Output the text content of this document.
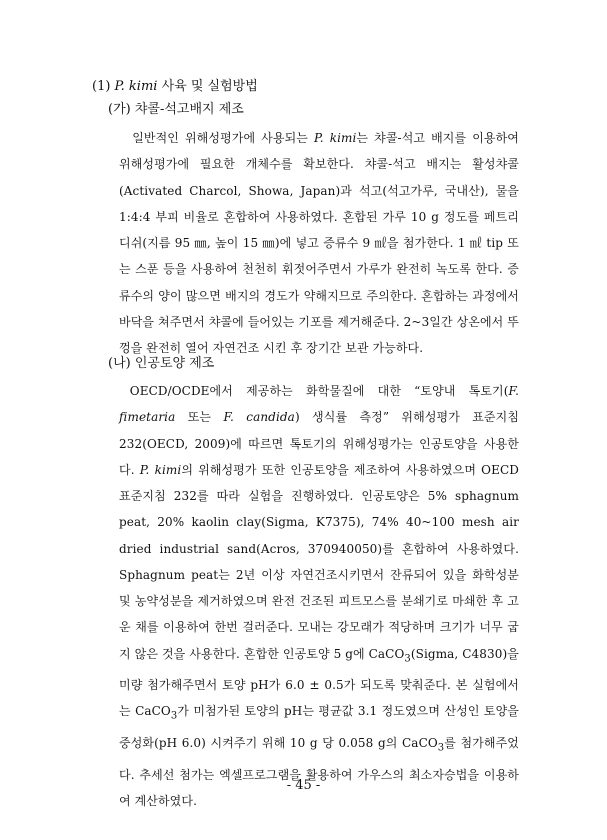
(1) P. kimi 사육 및 실험방법
(가) 챠콜-석고배지 제조
일반적인 위해성평가에 사용되는 P. kimi는 챠콜-석고 배지를 이용하여 위해성평가에 필요한 개체수를 확보한다. 챠콜-석고 배지는 활성챠콜(Activated Charcol, Showa, Japan)과 석고(석고가루, 국내산), 물을 1:4:4 부피 비율로 혼합하여 사용하였다. 혼합된 가루 10 g 정도를 페트리디쉬(지름 95 ㎜, 높이 15 ㎜)에 넣고 증류수 9 ㎖을 첨가한다. 1 ㎖ tip 또는 스푼 등을 사용하여 천천히 휘젓어주면서 가루가 완전히 녹도록 한다. 증류수의 양이 많으면 배지의 경도가 약해지므로 주의한다. 혼합하는 과정에서 바닥을 쳐주면서 챠콜에 들어있는 기포를 제거해준다. 2~3일간 상온에서 뚜껑을 완전히 열어 자연건조 시킨 후 장기간 보관 가능하다.
(나) 인공토양 제조
OECD/OCDE에서 제공하는 화학물질에 대한 “토양내 톡토기(F. fimetaria 또는 F. candida) 생식률 측정” 위해성평가 표준지침 232(OECD, 2009)에 따르면 톡토기의 위해성평가는 인공토양을 사용한다. P. kimi의 위해성평가 또한 인공토양을 제조하여 사용하였으며 OECD 표준지침 232를 따라 실험을 진행하였다. 인공토양은 5% sphagnum peat, 20% kaolin clay(Sigma, K7375), 74% 40~100 mesh air dried industrial sand(Acros, 370940050)를 혼합하여 사용하였다. Sphagnum peat는 2년 이상 자연건조시키면서 잔류되어 있을 화학성분 및 농약성분을 제거하였으며 완전 건조된 피트모스를 분쇄기로 마쇄한 후 고운 채를 이용하여 한번 걸러준다. 모내는 강모래가 적당하며 크기가 너무 굽지 않은 것을 사용한다. 혼합한 인공토양 5 g에 CaCO$_3$(Sigma, C4830)을 미량 첨가해주면서 토양 pH가 6.0 ± 0.5가 되도록 맞춰준다. 본 실험에서는 CaCO$_3$가 미첨가된 토양의 pH는 평균값 3.1 정도였으며 산성인 토양을 중성화(pH 6.0) 시켜주기 위해 10 g 당 0.058 g의 CaCO$_3$를 첨가해주었다. 추세선 첨가는 엑셀프로그램을 활용하여 가우스의 최소자승법을 이용하여 계산하였다.
- 45 -
